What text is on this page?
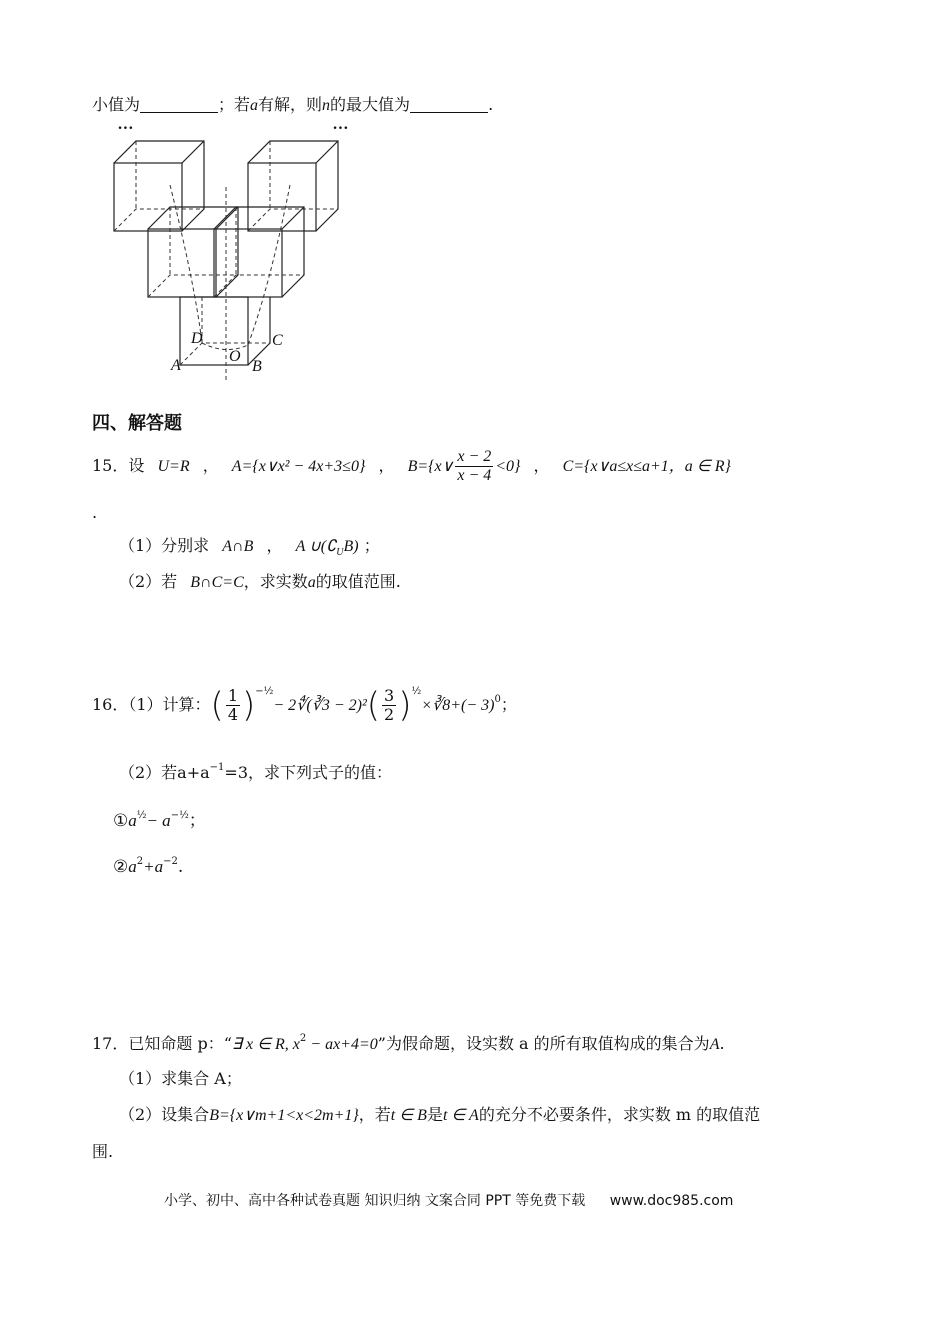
小值为	；若a有解，则n的最大值为	.
…	…
D	C
O
A	B
四、解答题
15．设 U=R ， A={x∨x² − 4x+3≤0} ， B={x∨ $\frac{x - 2}{x - 4} <0$} ， C={x∨a≤x≤a+1，a ∈ R}
.
（1）分别求 A∩B ， A $\cup(∁_UB)$ ；
（2）若 B∩C=C，求实数a的取值范围.
16．（1）计算：( $\frac{1}{4} )^{-\frac{1}{2}}-$ 2∜(∛3 − $2)^2( \frac{3}{2}$ )$^{\frac{1}{2}}\times∛8+(- 3)^0$；
（2）若$a+a^{-1}=3$，求下列式子的值：
$①a^{\frac{1}{2}}- a^{-\frac{1}{2}}$；
$②a^2+a^{-2}$.
17．已知命题 p：“∃ x ∈ R, $x^2 - ax+4=0$”为假命题，设实数 a 的所有取值构成的集合为A.
（1）求集合 A；
（2）设集合B={x∨m+1<x<2m+1}，若t ∈ B是t ∈ A的充分不必要条件，求实数 m 的取值范
围.
小学、初中、高中各种试卷真题 知识归纳 文案合同 PPT 等免费下载 www.doc985.com
